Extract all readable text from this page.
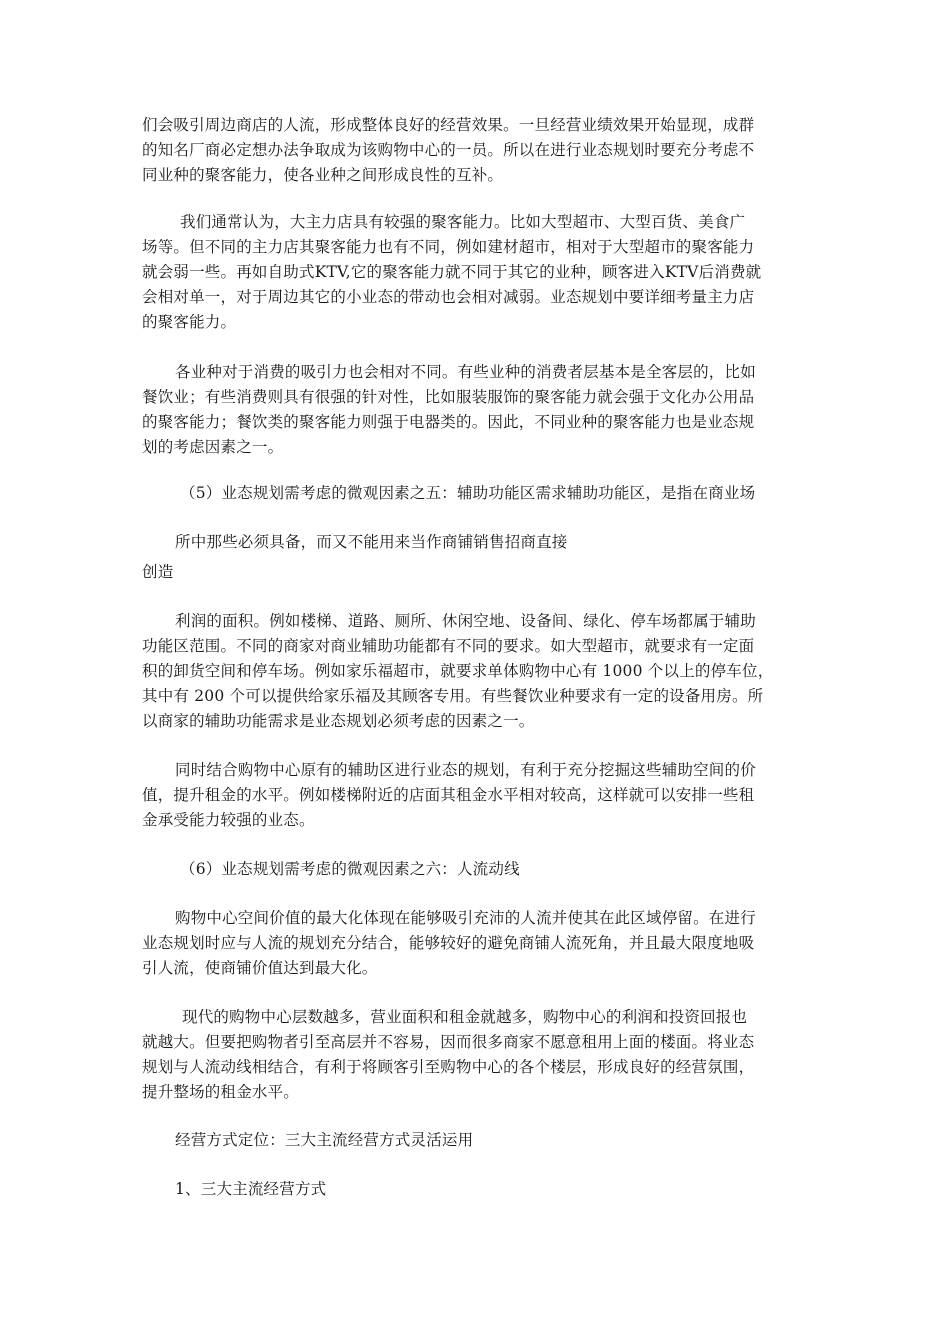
们会吸引周边商店的人流，形成整体良好的经营效果。一旦经营业绩效果开始显现，成群

的知名厂商必定想办法争取成为该购物中心的一员。所以在进行业态规划时要充分考虑不

同业种的聚客能力，使各业种之间形成良性的互补。

我们通常认为，大主力店具有较强的聚客能力。比如大型超市、大型百货、美食广

场等。但不同的主力店其聚客能力也有不同，例如建材超市，相对于大型超市的聚客能力

就会弱一些。再如自助式KTV,它的聚客能力就不同于其它的业种，顾客进入KTV后消费就

会相对单一，对于周边其它的小业态的带动也会相对减弱。业态规划中要详细考量主力店

的聚客能力。

各业种对于消费的吸引力也会相对不同。有些业种的消费者层基本是全客层的，比如

餐饮业；有些消费则具有很强的针对性，比如服装服饰的聚客能力就会强于文化办公用品

的聚客能力；餐饮类的聚客能力则强于电器类的。因此，不同业种的聚客能力也是业态规

划的考虑因素之一。

（5）业态规划需考虑的微观因素之五：辅助功能区需求辅助功能区，是指在商业场

所中那些必须具备，而又不能用来当作商铺销售招商直接

创造

利润的面积。例如楼梯、道路、厕所、休闲空地、设备间、绿化、停车场都属于辅助

功能区范围。不同的商家对商业辅助功能都有不同的要求。如大型超市，就要求有一定面

积的卸货空间和停车场。例如家乐福超市，就要求单体购物中心有 1000 个以上的停车位，

其中有 200 个可以提供给家乐福及其顾客专用。有些餐饮业种要求有一定的设备用房。所

以商家的辅助功能需求是业态规划必须考虑的因素之一。

同时结合购物中心原有的辅助区进行业态的规划，有利于充分挖掘这些辅助空间的价

值，提升租金的水平。例如楼梯附近的店面其租金水平相对较高，这样就可以安排一些租

金承受能力较强的业态。

（6）业态规划需考虑的微观因素之六：人流动线

购物中心空间价值的最大化体现在能够吸引充沛的人流并使其在此区域停留。在进行

业态规划时应与人流的规划充分结合，能够较好的避免商铺人流死角，并且最大限度地吸

引人流，使商铺价值达到最大化。

现代的购物中心层数越多，营业面积和租金就越多，购物中心的利润和投资回报也

就越大。但要把购物者引至高层并不容易，因而很多商家不愿意租用上面的楼面。将业态

规划与人流动线相结合，有利于将顾客引至购物中心的各个楼层，形成良好的经营氛围，

提升整场的租金水平。

经营方式定位：三大主流经营方式灵活运用

1、三大主流经营方式
